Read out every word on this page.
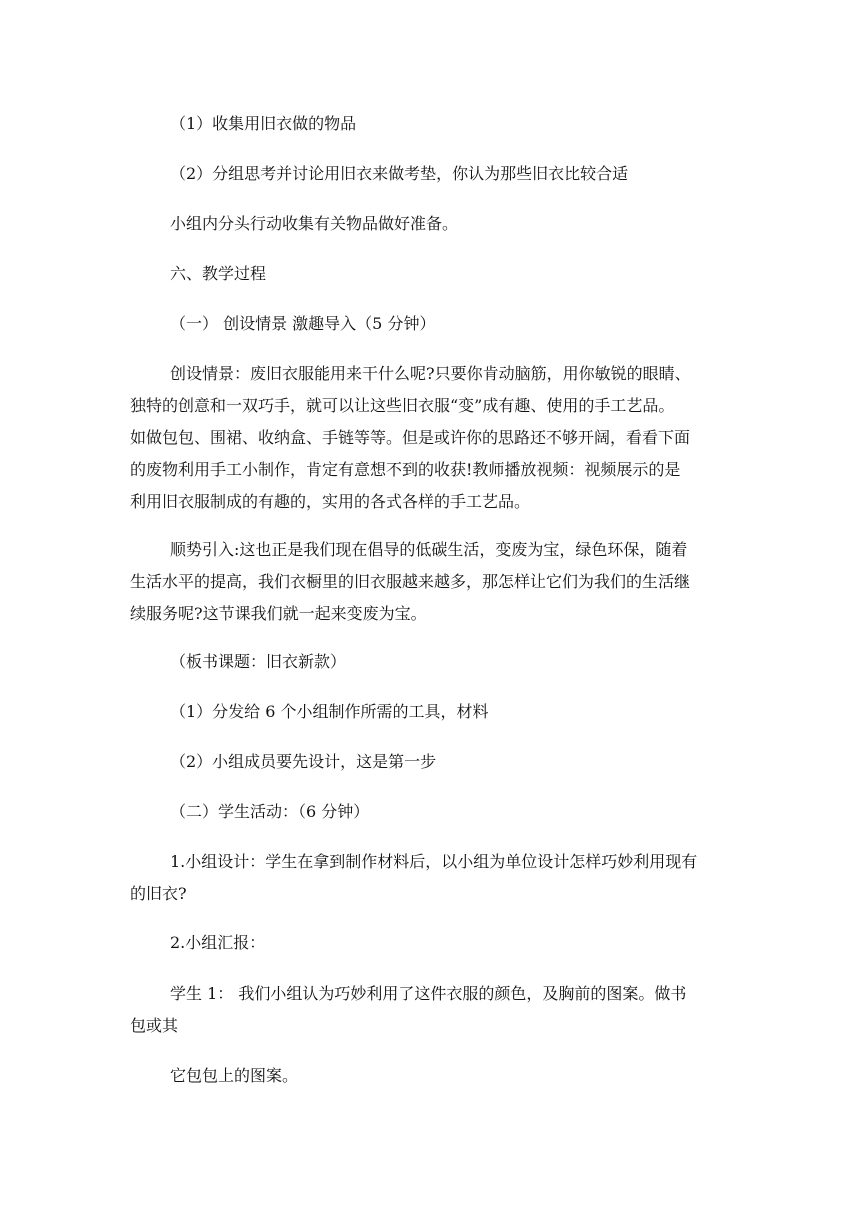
（1）收集用旧衣做的物品

（2）分组思考并讨论用旧衣来做考垫，你认为那些旧衣比较合适

小组内分头行动收集有关物品做好准备。

六、教学过程

（一） 创设情景 激趣导入（5 分钟）

创设情景：废旧衣服能用来干什么呢?只要你肯动脑筋，用你敏锐的眼睛、
独特的创意和一双巧手，就可以让这些旧衣服“变”成有趣、使用的手工艺品。
如做包包、围裙、收纳盒、手链等等。但是或许你的思路还不够开阔，看看下面
的废物利用手工小制作，肯定有意想不到的收获!教师播放视频：视频展示的是
利用旧衣服制成的有趣的，实用的各式各样的手工艺品。
顺势引入:这也正是我们现在倡导的低碳生活，变废为宝，绿色环保，随着
生活水平的提高，我们衣橱里的旧衣服越来越多，那怎样让它们为我们的生活继
续服务呢?这节课我们就一起来变废为宝。

（板书课题：旧衣新款）

（1）分发给 6 个小组制作所需的工具，材料

（2）小组成员要先设计，这是第一步

（二）学生活动：（6 分钟）

1.小组设计：学生在拿到制作材料后，以小组为单位设计怎样巧妙利用现有
的旧衣?

2.小组汇报：

学生 1： 我们小组认为巧妙利用了这件衣服的颜色，及胸前的图案。做书
包或其

它包包上的图案。
